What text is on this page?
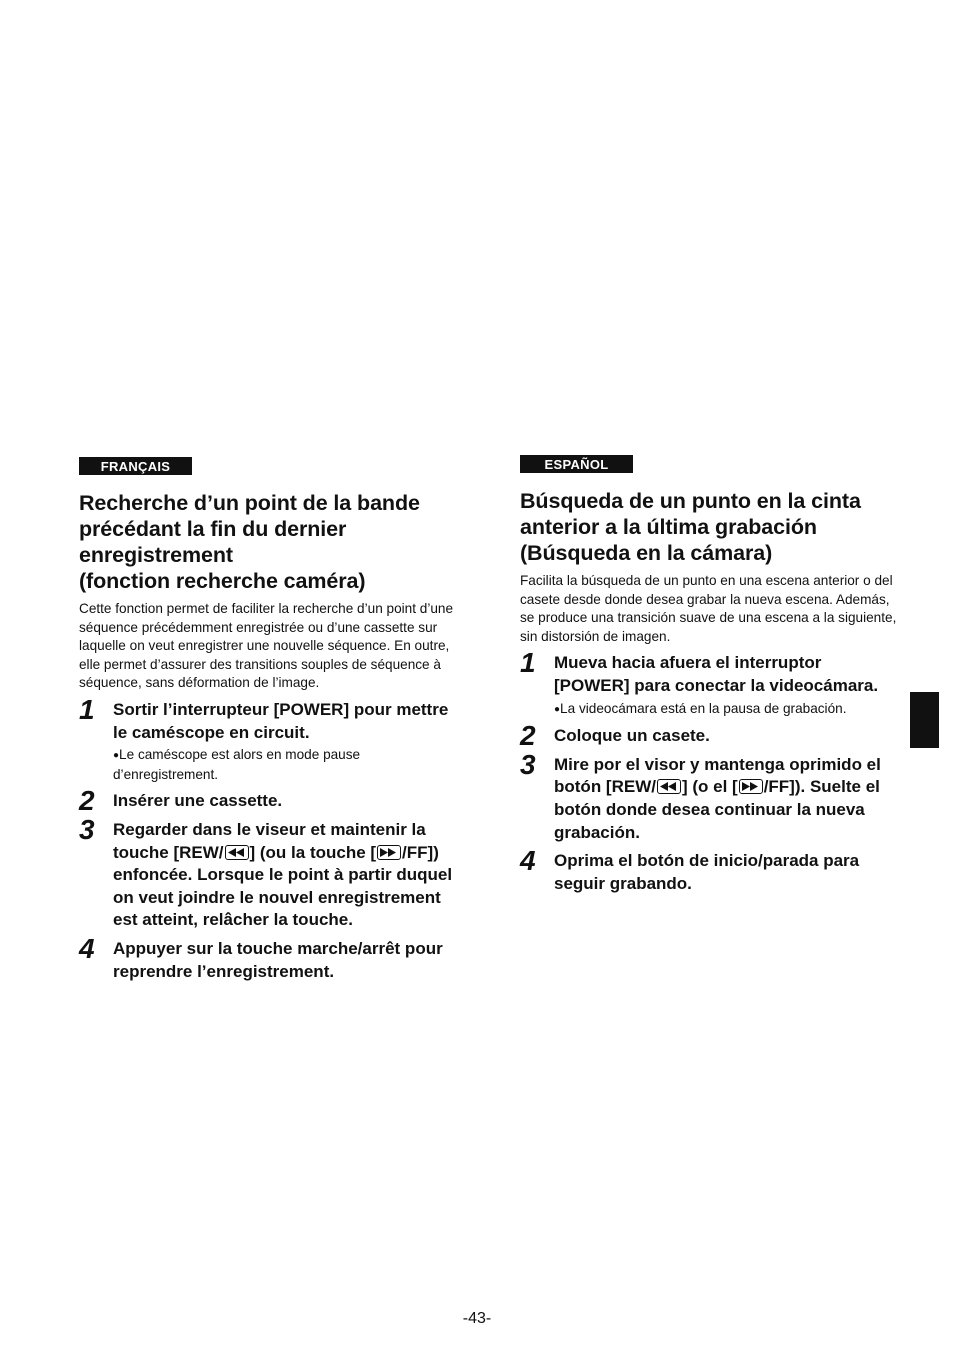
FRANÇAIS
Recherche d’un point de la bande précédant la fin du dernier enregistrement
(fonction recherche caméra)

Cette fonction permet de faciliter la recherche d’un point d’une séquence précédemment enregistrée ou d’une cassette sur laquelle on veut enregistrer une nouvelle séquence. En outre, elle permet d’assurer des transitions souples de séquence à séquence, sans déformation de l’image.

1 Sortir l’interrupteur [POWER] pour mettre le caméscope en circuit.
●Le caméscope est alors en mode pause d’enregistrement.
2 Insérer une cassette.
3 Regarder dans le viseur et maintenir la touche [REW/ ] (ou la touche [ /FF]) enfoncée. Lorsque le point à partir duquel on veut joindre le nouvel enregistrement est atteint, relâcher la touche.
4 Appuyer sur la touche marche/arrêt pour reprendre l’enregistrement.
ESPAÑOL
Búsqueda de un punto en la cinta anterior a la última grabación (Búsqueda en la cámara)

Facilita la búsqueda de un punto en una escena anterior o del casete desde donde desea grabar la nueva escena. Además, se produce una transición suave de una escena a la siguiente, sin distorsión de imagen.

1 Mueva hacia afuera el interruptor [POWER] para conectar la videocámara.
●La videocámara está en la pausa de grabación.
2 Coloque un casete.
3 Mire por el visor y mantenga oprimido el botón [REW/ ] (o el [ /FF]). Suelte el botón donde desea continuar la nueva grabación.
4 Oprima el botón de inicio/parada para seguir grabando.
-43-
